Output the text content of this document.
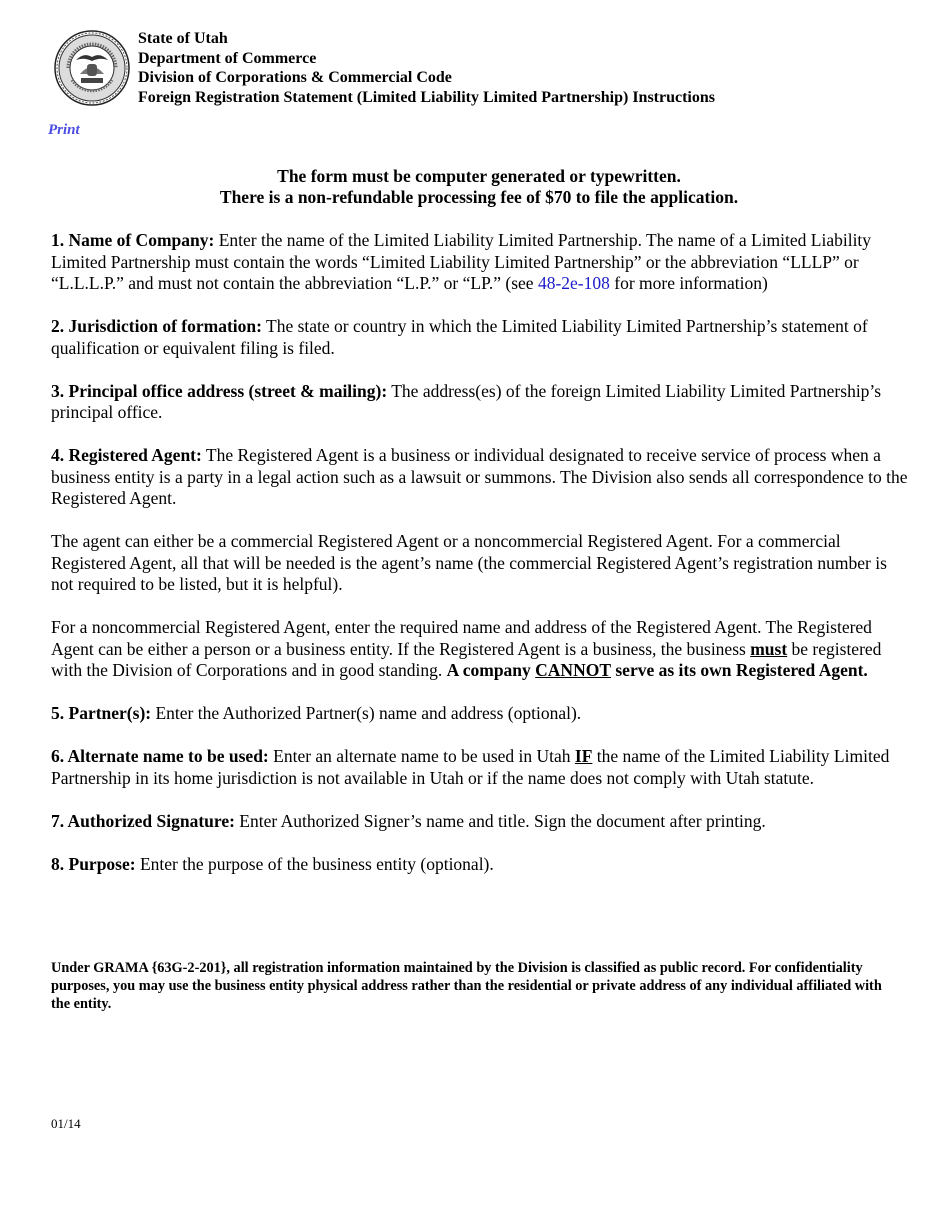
State of Utah
Department of Commerce
Division of Corporations & Commercial Code
Foreign Registration Statement (Limited Liability Limited Partnership) Instructions
Print
The form must be computer generated or typewritten.
There is a non-refundable processing fee of $70 to file the application.

1. Name of Company: Enter the name of the Limited Liability Limited Partnership. The name of a Limited Liability Limited Partnership must contain the words “Limited Liability Limited Partnership” or the abbreviation “LLLP” or “L.L.L.P.” and must not contain the abbreviation “L.P.” or “LP.” (see 48-2e-108 for more information)

2. Jurisdiction of formation: The state or country in which the Limited Liability Limited Partnership’s statement of qualification or equivalent filing is filed.

3. Principal office address (street & mailing): The address(es) of the foreign Limited Liability Limited Partnership’s principal office.

4. Registered Agent: The Registered Agent is a business or individual designated to receive service of process when a business entity is a party in a legal action such as a lawsuit or summons. The Division also sends all correspondence to the Registered Agent.

The agent can either be a commercial Registered Agent or a noncommercial Registered Agent. For a commercial Registered Agent, all that will be needed is the agent’s name (the commercial Registered Agent’s registration number is not required to be listed, but it is helpful).

For a noncommercial Registered Agent, enter the required name and address of the Registered Agent. The Registered Agent can be either a person or a business entity. If the Registered Agent is a business, the business must be registered with the Division of Corporations and in good standing. A company CANNOT serve as its own Registered Agent.

5. Partner(s): Enter the Authorized Partner(s) name and address (optional).

6. Alternate name to be used: Enter an alternate name to be used in Utah IF the name of the Limited Liability Limited Partnership in its home jurisdiction is not available in Utah or if the name does not comply with Utah statute.

7. Authorized Signature: Enter Authorized Signer’s name and title. Sign the document after printing.

8. Purpose: Enter the purpose of the business entity (optional).

Under GRAMA {63G-2-201}, all registration information maintained by the Division is classified as public record. For confidentiality purposes, you may use the business entity physical address rather than the residential or private address of any individual affiliated with the entity.
01/14
